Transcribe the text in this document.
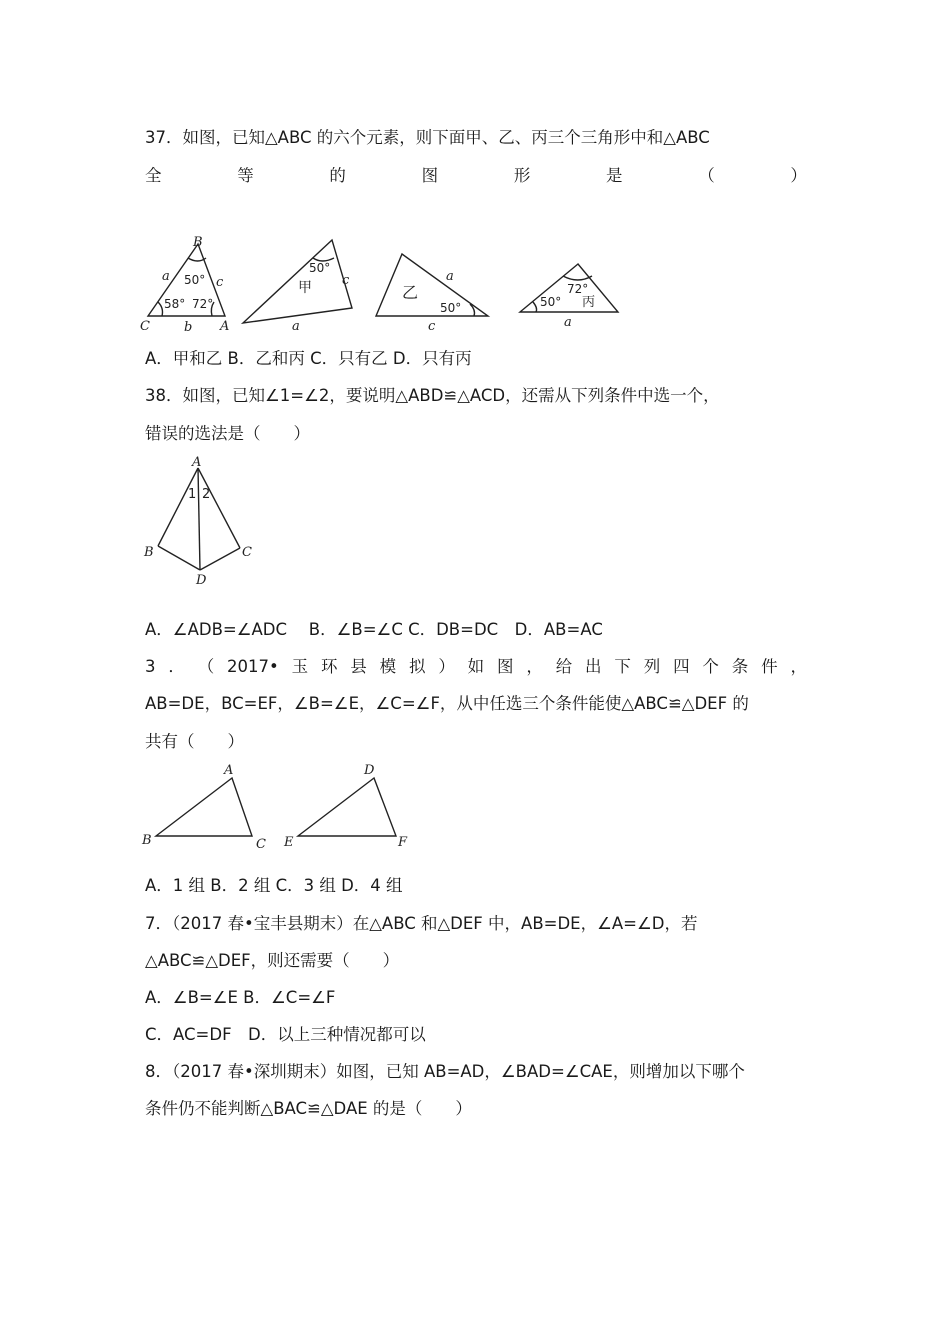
37．如图，已知△ABC 的六个元素，则下面甲、乙、丙三个三角形中和△ABC
全	等	的	图	形	是	（	）
B
C	A
a
b
c
50°
58° 72°
甲
50°
a
c
乙
50°
a
c
丙
50°
72°
a
A．甲和乙 B．乙和丙 C．只有乙 D．只有丙
38．如图，已知∠1=∠2，要说明△ABD≌△ACD，还需从下列条件中选一个，
错误的选法是（　　）
A
B	C
D
1 2
A．∠ADB=∠ADC　 B．∠B=∠C C．DB=DC　D．AB=AC
3 ． （ 2017• 玉 环 县 模 拟 ） 如 图 ， 给 出 下 列 四 个 条 件 ，
AB=DE，BC=EF，∠B=∠E，∠C=∠F，从中任选三个条件能使△ABC≌△DEF 的
共有（　　）
A
B	C
D
E	F
A．1 组 B．2 组 C．3 组 D．4 组
7．（2017 春•宝丰县期末）在△ABC 和△DEF 中，AB=DE，∠A=∠D，若
△ABC≌△DEF，则还需要（　　）
A．∠B=∠E B．∠C=∠F
C．AC=DF　D．以上三种情况都可以
8．（2017 春•深圳期末）如图，已知 AB=AD，∠BAD=∠CAE，则增加以下哪个
条件仍不能判断△BAC≌△DAE 的是（　　）
